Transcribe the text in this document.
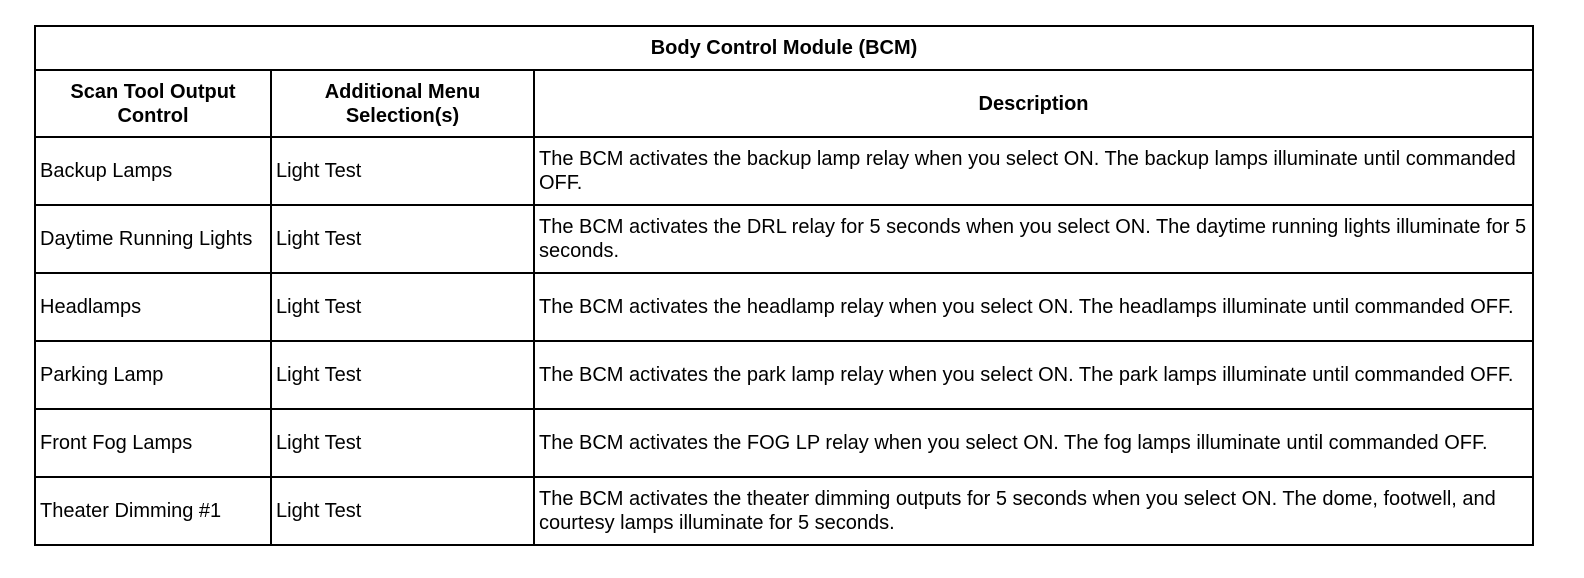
Body Control Module (BCM)		
Scan Tool Output Control	Additional Menu Selection(s)	Description
Backup Lamps	Light Test	The BCM activates the backup lamp relay when you select ON. The backup lamps illuminate until commanded OFF.
Daytime Running Lights	Light Test	The BCM activates the DRL relay for 5 seconds when you select ON. The daytime running lights illuminate for 5 seconds.
Headlamps	Light Test	The BCM activates the headlamp relay when you select ON. The headlamps illuminate until commanded OFF.
Parking Lamp	Light Test	The BCM activates the park lamp relay when you select ON. The park lamps illuminate until commanded OFF.
Front Fog Lamps	Light Test	The BCM activates the FOG LP relay when you select ON. The fog lamps illuminate until commanded OFF.
Theater Dimming #1	Light Test	The BCM activates the theater dimming outputs for 5 seconds when you select ON. The dome, footwell, and courtesy lamps illuminate for 5 seconds.
